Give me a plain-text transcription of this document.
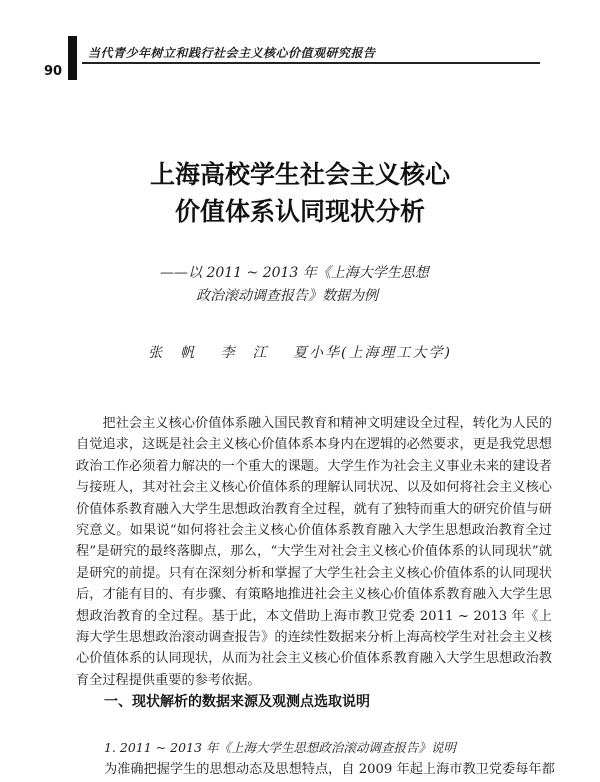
当代青少年树立和践行社会主义核心价值观研究报告
90
上海高校学生社会主义核心
价值体系认同现状分析
——以 2011 ~ 2013 年《上海大学生思想
政治滚动调查报告》数据为例
张　帆 李　江 夏小华(上海理工大学)
把社会主义核心价值体系融入国民教育和精神文明建设全过程，转化为人民的自觉追求，这既是社会主义核心价值体系本身内在逻辑的必然要求，更是我党思想政治工作必须着力解决的一个重大的课题。大学生作为社会主义事业未来的建设者与接班人，其对社会主义核心价值体系的理解认同状况、以及如何将社会主义核心价值体系教育融入大学生思想政治教育全过程，就有了独特而重大的研究价值与研究意义。如果说“如何将社会主义核心价值体系教育融入大学生思想政治教育全过程”是研究的最终落脚点，那么，“大学生对社会主义核心价值体系的认同现状”就是研究的前提。只有在深刻分析和掌握了大学生社会主义核心价值体系的认同现状后，才能有目的、有步骤、有策略地推进社会主义核心价值体系教育融入大学生思想政治教育的全过程。基于此，本文借助上海市教卫党委 2011 ~ 2013 年《上海大学生思想政治滚动调查报告》的连续性数据来分析上海高校学生对社会主义核心价值体系的认同现状，从而为社会主义核心价值体系教育融入大学生思想政治教育全过程提供重要的参考依据。
一、现状解析的数据来源及观测点选取说明
1. 2011 ~ 2013 年《上海大学生思想政治滚动调查报告》说明
为准确把握学生的思想动态及思想特点，自 2009 年起上海市教卫党委每年都
